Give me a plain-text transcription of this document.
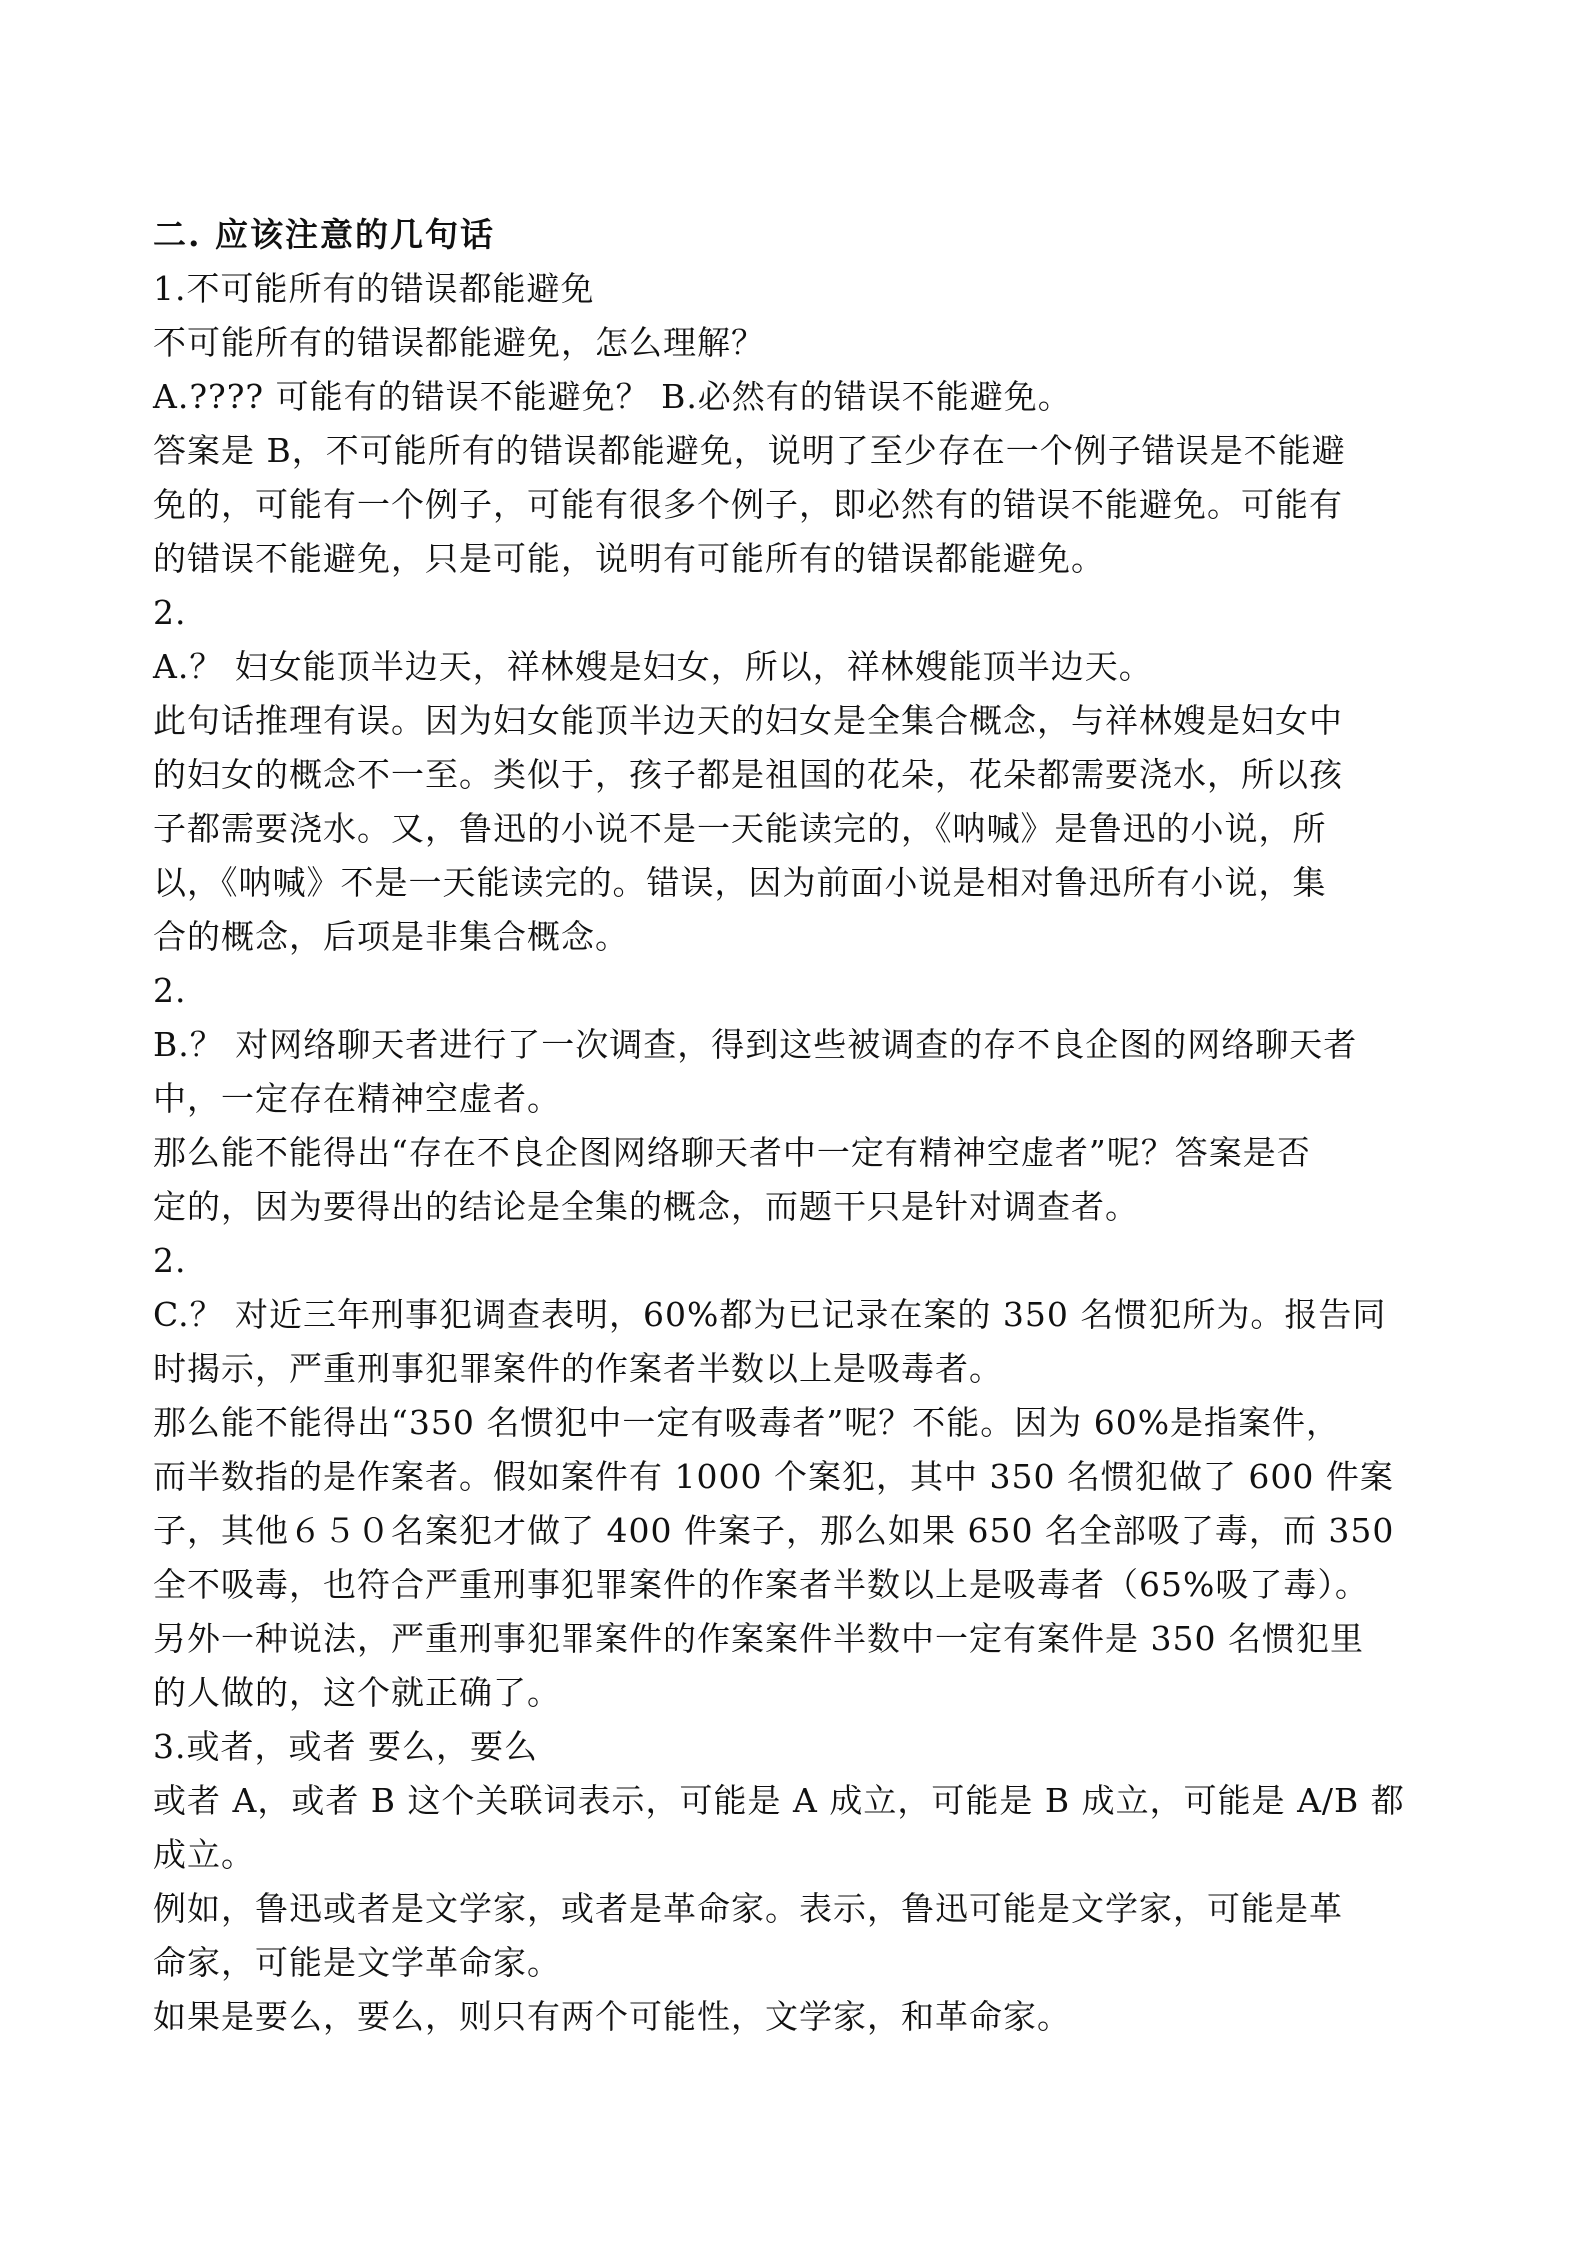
二. 应该注意的几句话
1.不可能所有的错误都能避免
不可能所有的错误都能避免，怎么理解？
A.???? 可能有的错误不能避免？ B.必然有的错误不能避免。
答案是 B，不可能所有的错误都能避免，说明了至少存在一个例子错误是不能避
免的，可能有一个例子，可能有很多个例子，即必然有的错误不能避免。可能有
的错误不能避免，只是可能，说明有可能所有的错误都能避免。
2.
A.？ 妇女能顶半边天，祥林嫂是妇女，所以，祥林嫂能顶半边天。
此句话推理有误。因为妇女能顶半边天的妇女是全集合概念，与祥林嫂是妇女中
的妇女的概念不一至。类似于，孩子都是祖国的花朵，花朵都需要浇水，所以孩
子都需要浇水。又，鲁迅的小说不是一天能读完的，《呐喊》是鲁迅的小说，所
以，《呐喊》不是一天能读完的。错误，因为前面小说是相对鲁迅所有小说，集
合的概念，后项是非集合概念。
2.
B.？ 对网络聊天者进行了一次调查，得到这些被调查的存不良企图的网络聊天者
中，一定存在精神空虚者。
那么能不能得出“存在不良企图网络聊天者中一定有精神空虚者”呢？答案是否
定的，因为要得出的结论是全集的概念，而题干只是针对调查者。
2.
C.？ 对近三年刑事犯调查表明，60%都为已记录在案的 350 名惯犯所为。报告同
时揭示，严重刑事犯罪案件的作案者半数以上是吸毒者。
那么能不能得出“350 名惯犯中一定有吸毒者”呢？不能。因为 60%是指案件，
而半数指的是作案者。假如案件有 1000 个案犯，其中 350 名惯犯做了 600 件案
子，其他６５０名案犯才做了 400 件案子，那么如果 650 名全部吸了毒，而 350
全不吸毒，也符合严重刑事犯罪案件的作案者半数以上是吸毒者（65%吸了毒）。
另外一种说法，严重刑事犯罪案件的作案案件半数中一定有案件是 350 名惯犯里
的人做的，这个就正确了。
3.或者，或者 要么，要么
或者 A，或者 B 这个关联词表示，可能是 A 成立，可能是 B 成立，可能是 A/B 都
成立。
例如，鲁迅或者是文学家，或者是革命家。表示，鲁迅可能是文学家，可能是革
命家，可能是文学革命家。
如果是要么，要么，则只有两个可能性，文学家，和革命家。
